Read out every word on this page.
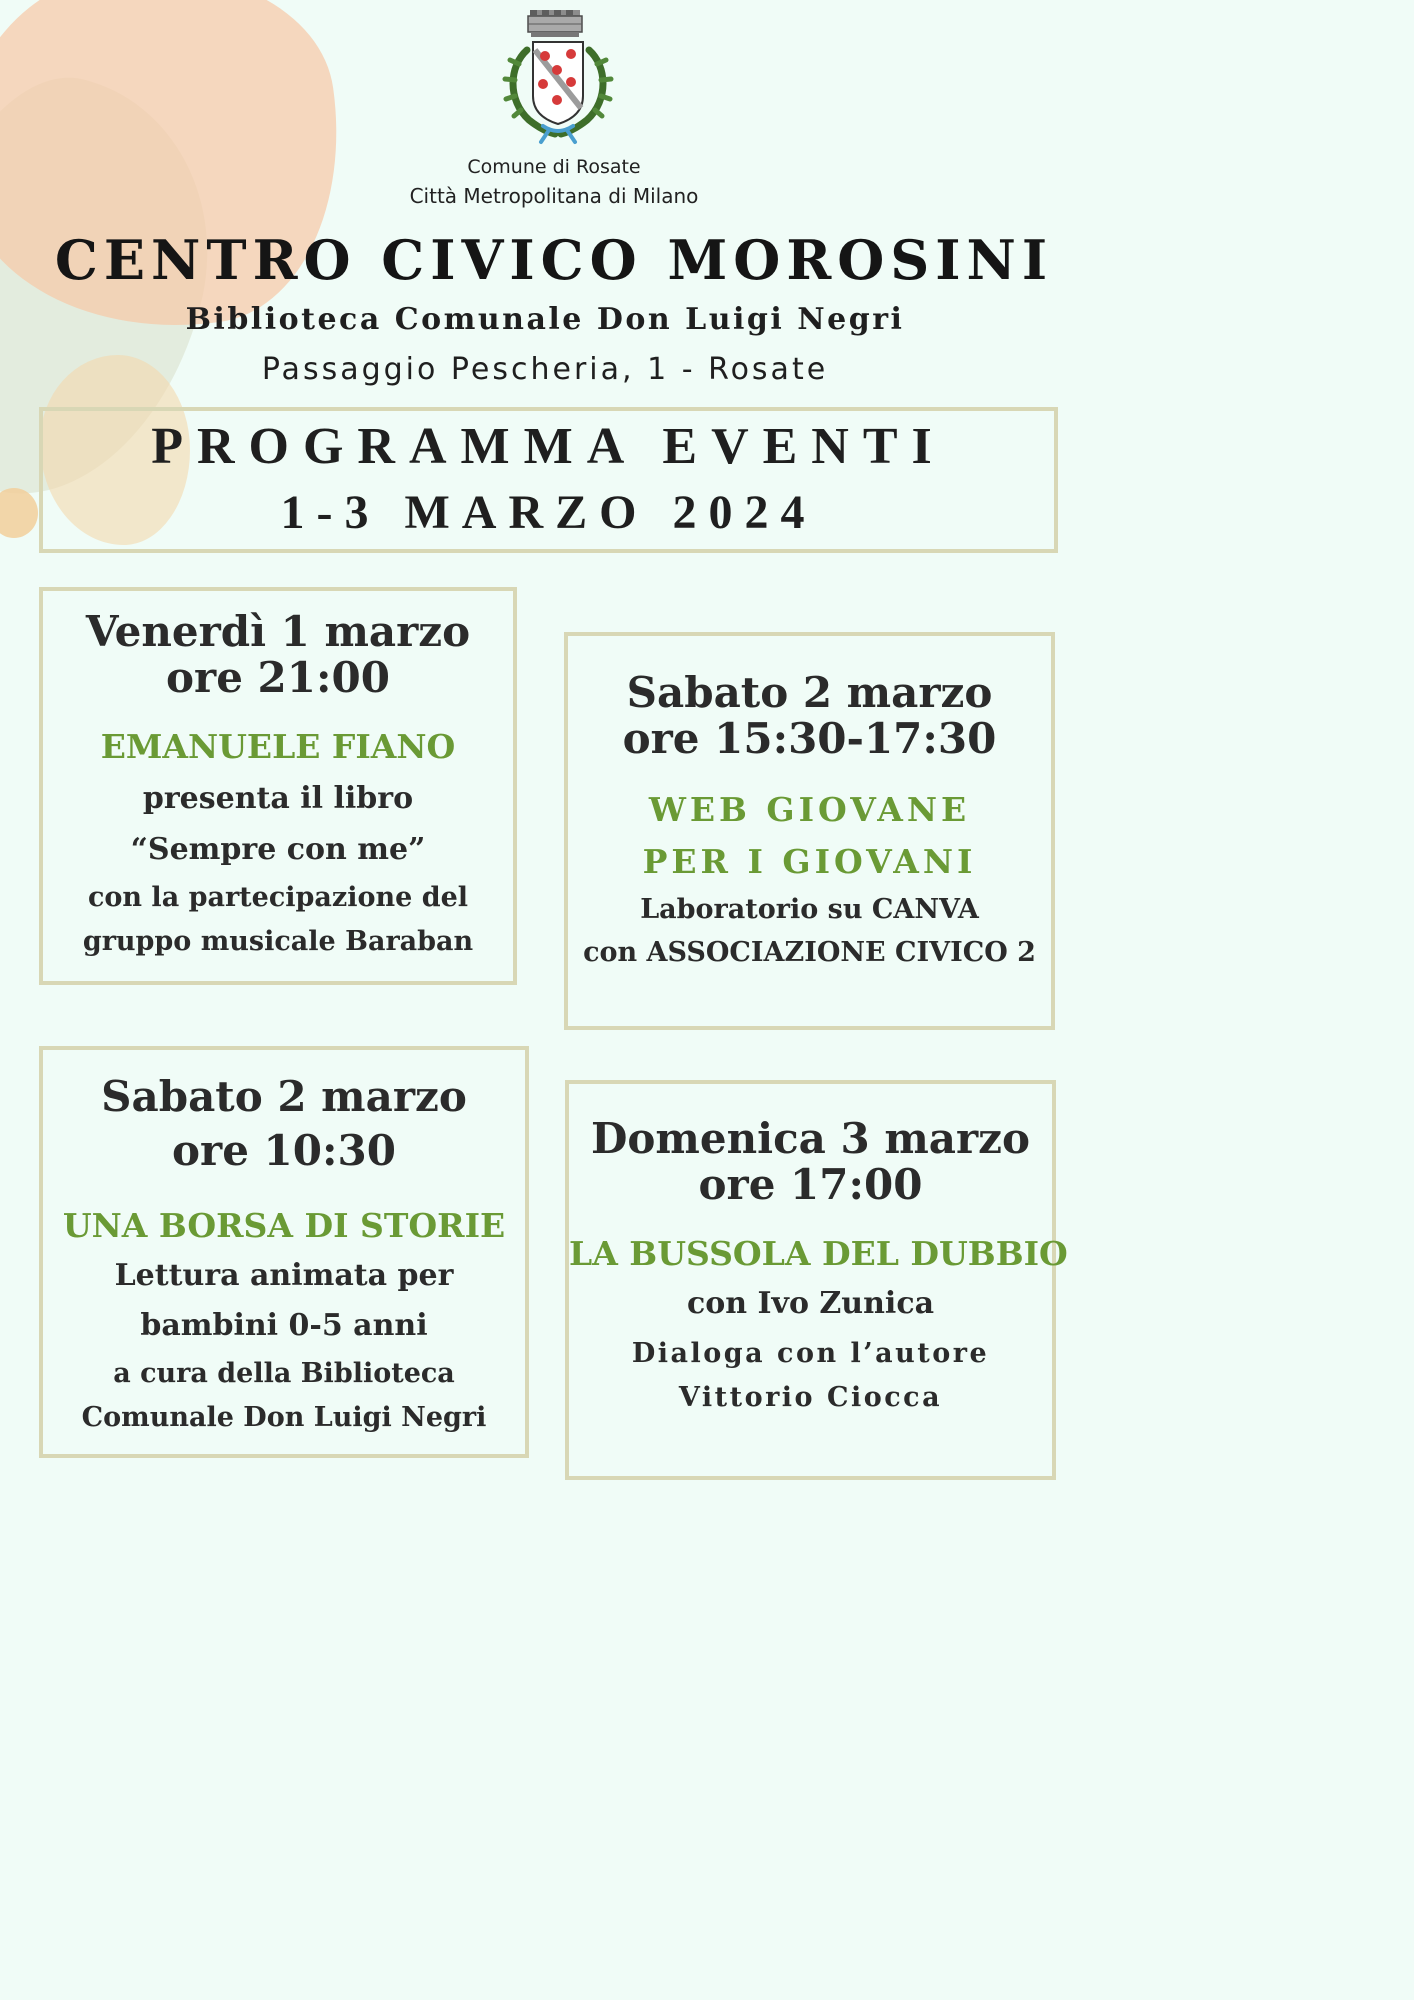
Comune di Rosate
Città Metropolitana di Milano
CENTRO CIVICO MOROSINI
Biblioteca Comunale Don Luigi Negri
Passaggio Pescheria, 1 - Rosate
PROGRAMMA EVENTI
1-3 MARZO 2024
Venerdì 1 marzo
ore 21:00
EMANUELE FIANO
presenta il libro
“Sempre con me”
con la partecipazione del
gruppo musicale Baraban
Sabato 2 marzo
ore 15:30-17:30
WEB GIOVANE
PER I GIOVANI
Laboratorio su CANVA
con ASSOCIAZIONE CIVICO 2
Sabato 2 marzo
ore 10:30
UNA BORSA DI STORIE
Lettura animata per
bambini 0-5 anni
a cura della Biblioteca
Comunale Don Luigi Negri
Domenica 3 marzo
ore 17:00
LA BUSSOLA DEL DUBBIO
con Ivo Zunica
Dialoga con l’autore
Vittorio Ciocca
